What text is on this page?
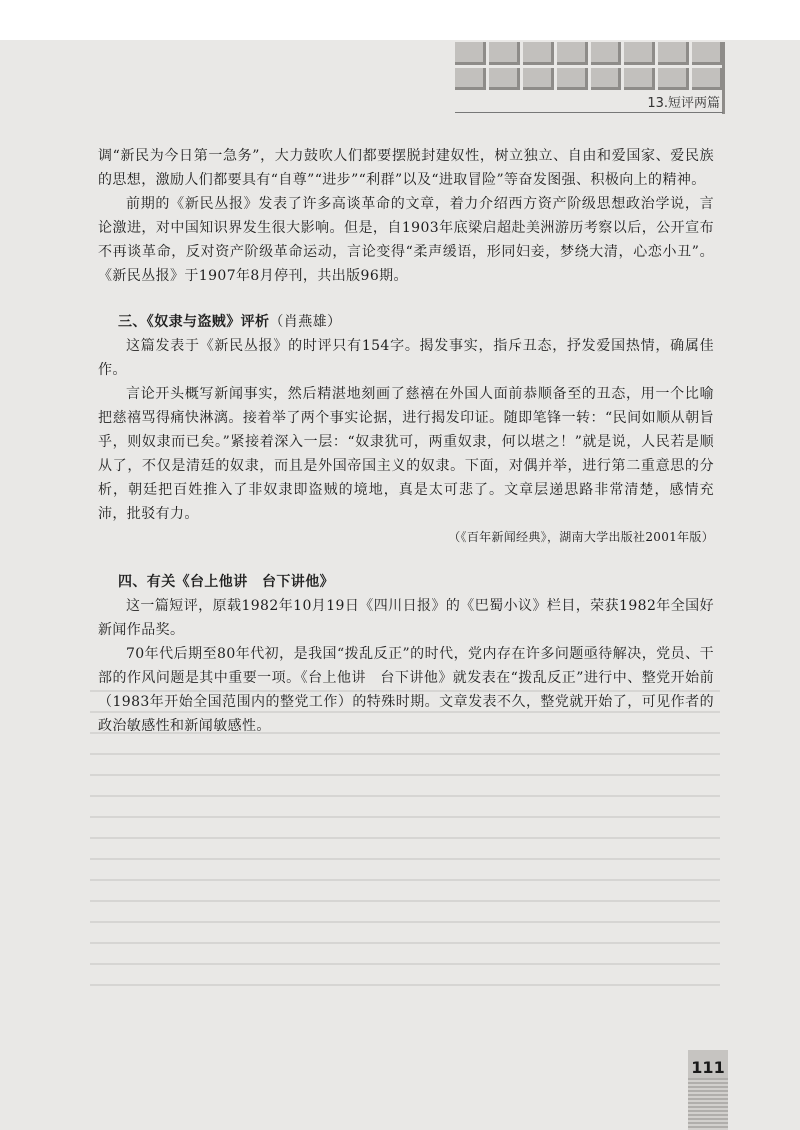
13.短评两篇

调“新民为今日第一急务”，大力鼓吹人们都要摆脱封建奴性，树立独立、自由和爱国家、爱民族的思想，激励人们都要具有“自尊”“进步”“利群”以及“进取冒险”等奋发图强、积极向上的精神。

前期的《新民丛报》发表了许多高谈革命的文章，着力介绍西方资产阶级思想政治学说，言论激进，对中国知识界发生很大影响。但是，自1903年底梁启超赴美洲游历考察以后，公开宣布不再谈革命，反对资产阶级革命运动，言论变得“柔声缓语，形同妇妾，梦绕大清，心恋小丑”。《新民丛报》于1907年8月停刊，共出版96期。

三、《奴隶与盗贼》评析（肖燕雄）

这篇发表于《新民丛报》的时评只有154字。揭发事实，指斥丑态，抒发爱国热情，确属佳作。

言论开头概写新闻事实，然后精湛地刻画了慈禧在外国人面前恭顺备至的丑态，用一个比喻把慈禧骂得痛快淋漓。接着举了两个事实论据，进行揭发印证。随即笔锋一转：“民间如顺从朝旨乎，则奴隶而已矣。”紧接着深入一层：“奴隶犹可，两重奴隶，何以堪之！”就是说，人民若是顺从了，不仅是清廷的奴隶，而且是外国帝国主义的奴隶。下面，对偶并举，进行第二重意思的分析，朝廷把百姓推入了非奴隶即盗贼的境地，真是太可悲了。文章层递思路非常清楚，感情充沛，批驳有力。

（《百年新闻经典》，湖南大学出版社2001年版）
四、有关《台上他讲　台下讲他》

这一篇短评，原载1982年10月19日《四川日报》的《巴蜀小议》栏目，荣获1982年全国好新闻作品奖。

70年代后期至80年代初，是我国“拨乱反正”的时代，党内存在许多问题亟待解决，党员、干部的作风问题是其中重要一项。《台上他讲　台下讲他》就发表在“拨乱反正”进行中、整党开始前（1983年开始全国范围内的整党工作）的特殊时期。文章发表不久，整党就开始了，可见作者的政治敏感性和新闻敏感性。

111
